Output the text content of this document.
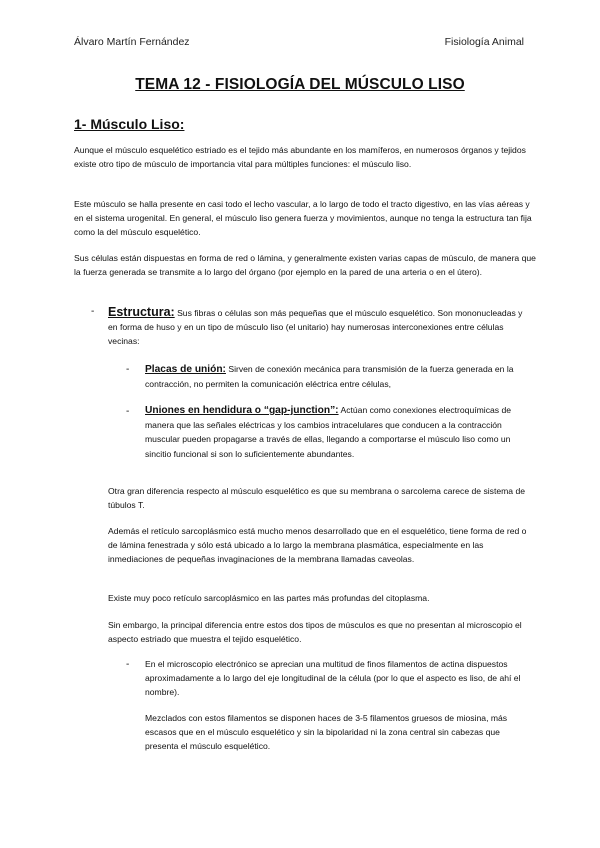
Álvaro Martín Fernández	Fisiología Animal
TEMA 12 - FISIOLOGÍA DEL MÚSCULO LISO
1- Músculo Liso:

Aunque el músculo esquelético estriado es el tejido más abundante en los mamíferos, en numerosos órganos y tejidos existe otro tipo de músculo de importancia vital para múltiples funciones: el músculo liso.

Este músculo se halla presente en casi todo el lecho vascular, a lo largo de todo el tracto digestivo, en las vías aéreas y en el sistema urogenital. En general, el músculo liso genera fuerza y movimientos, aunque no tenga la estructura tan fija como la del músculo esquelético.

Sus células están dispuestas en forma de red o lámina, y generalmente existen varias capas de músculo, de manera que la fuerza generada se transmite a lo largo del órgano (por ejemplo en la pared de una arteria o en el útero).

- Estructura: Sus fibras o células son más pequeñas que el músculo esquelético. Son mononucleadas y en forma de huso y en un tipo de músculo liso (el unitario) hay numerosas interconexiones entre células vecinas:

- Placas de unión: Sirven de conexión mecánica para transmisión de la fuerza generada en la contracción, no permiten la comunicación eléctrica entre células,

- Uniones en hendidura o “gap-junction”: Actúan como conexiones electroquímicas de manera que las señales eléctricas y los cambios intracelulares que conducen a la contracción muscular pueden propagarse a través de ellas, llegando a comportarse el músculo liso como un sincitio funcional si son lo suficientemente abundantes.

Otra gran diferencia respecto al músculo esquelético es que su membrana o sarcolema carece de sistema de túbulos T.

Además el retículo sarcoplásmico está mucho menos desarrollado que en el esquelético, tiene forma de red o de lámina fenestrada y sólo está ubicado a lo largo la membrana plasmática, especialmente en las inmediaciones de pequeñas invaginaciones de la membrana llamadas caveolas.

Existe muy poco retículo sarcoplásmico en las partes más profundas del citoplasma.

Sin embargo, la principal diferencia entre estos dos tipos de músculos es que no presentan al microscopio el aspecto estriado que muestra el tejido esquelético.

- En el microscopio electrónico se aprecian una multitud de finos filamentos de actina dispuestos aproximadamente a lo largo del eje longitudinal de la célula (por lo que el aspecto es liso, de ahí el nombre).

Mezclados con estos filamentos se disponen haces de 3-5 filamentos gruesos de miosina, más escasos que en el músculo esquelético y sin la bipolaridad ni la zona central sin cabezas que presenta el músculo esquelético.
